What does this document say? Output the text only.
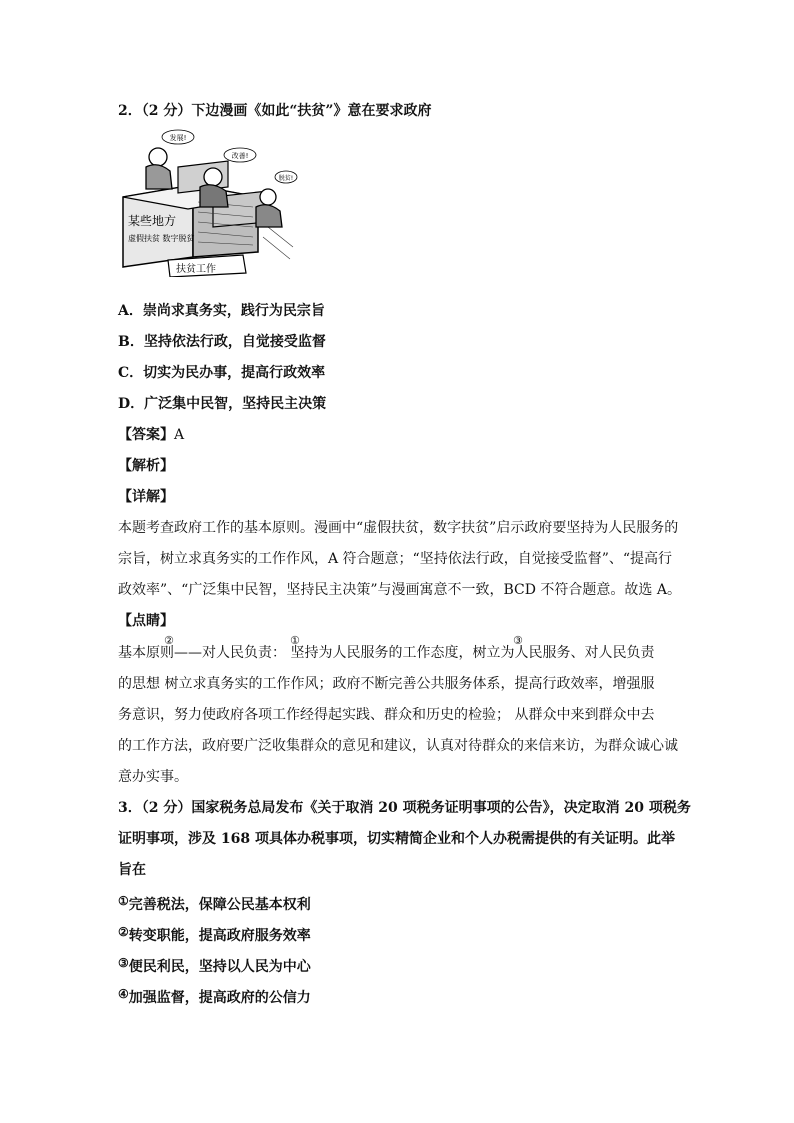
2．（2 分）下边漫画《如此“扶贫”》意在要求政府
发展!
改善!
脱贫!
某些地方
虚假扶贫 数字脱贫
扶贫工作
A．崇尚求真务实，践行为民宗旨
B．坚持依法行政，自觉接受监督
C．切实为民办事，提高行政效率
D．广泛集中民智，坚持民主决策
【答案】A
【解析】
【详解】
本题考查政府工作的基本原则。漫画中“虚假扶贫，数字扶贫”启示政府要坚持为人民服务的
宗旨，树立求真务实的工作作风，A 符合题意；“坚持依法行政，自觉接受监督”、“提高行
政效率”、“广泛集中民智，坚持民主决策”与漫画寓意不一致，BCD 不符合题意。故选 A。
【点睛】
②	①	③
基本原则——对人民负责： 坚持为人民服务的工作态度，树立为人民服务、对人民负责
的思想 树立求真务实的工作作风；政府不断完善公共服务体系，提高行政效率，增强服
务意识，努力使政府各项工作经得起实践、群众和历史的检验； 从群众中来到群众中去
的工作方法，政府要广泛收集群众的意见和建议，认真对待群众的来信来访，为群众诚心诚
意办实事。
3．（2 分）国家税务总局发布《关于取消 20 项税务证明事项的公告》，决定取消 20 项税务
证明事项，涉及 168 项具体办税事项，切实精简企业和个人办税需提供的有关证明。此举
旨在
①完善税法，保障公民基本权利
②转变职能，提高政府服务效率
③便民利民，坚持以人民为中心
④加强监督，提高政府的公信力
